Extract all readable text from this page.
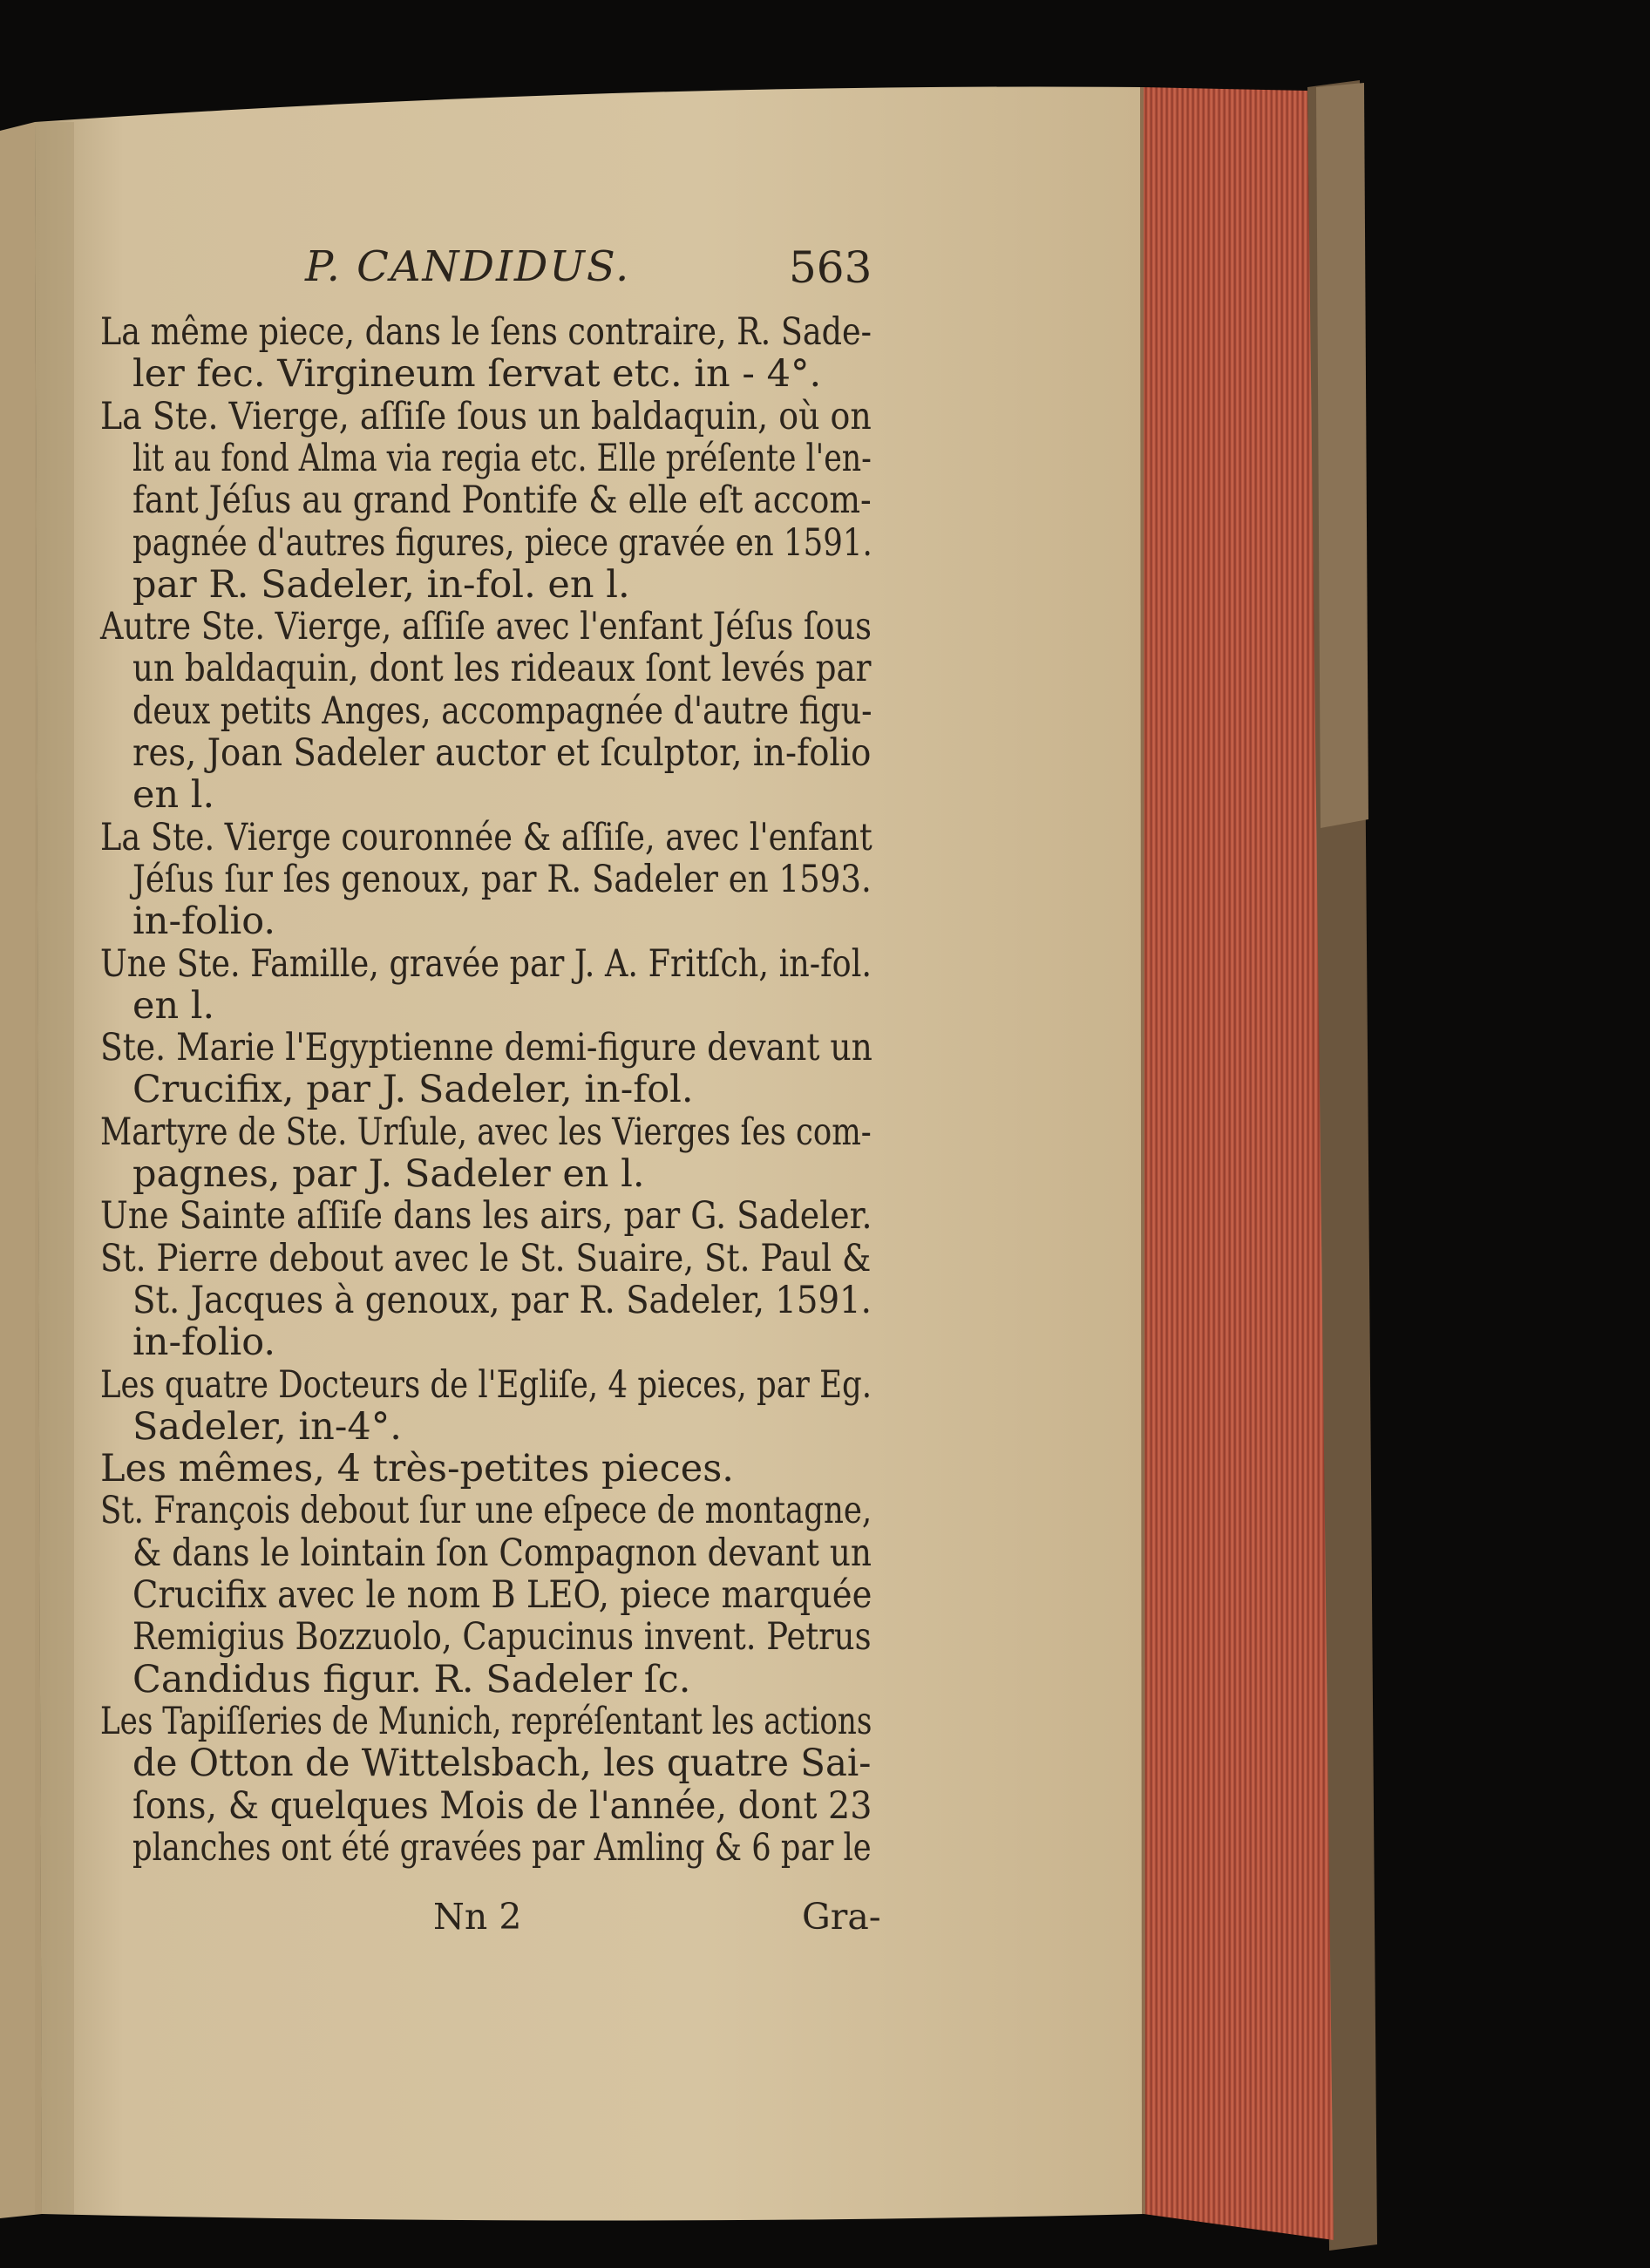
P. CANDIDUS.	563
La même piece, dans le ſens contraire, R. Sade-
ler fec. Virgineum ſervat etc. in - 4°.
La Ste. Vierge, aſſiſe ſous un baldaquin, où on
lit au fond Alma via regia etc. Elle préſente l'en-
fant Jéſus au grand Pontife & elle eſt accom-
pagnée d'autres figures, piece gravée en 1591.
par R. Sadeler, in-fol. en l.
Autre Ste. Vierge, aſſiſe avec l'enfant Jéſus ſous
un baldaquin, dont les rideaux ſont levés par
deux petits Anges, accompagnée d'autre figu-
res, Joan Sadeler auctor et ſculptor, in-folio
en l.
La Ste. Vierge couronnée & aſſiſe, avec l'enfant
Jéſus ſur ſes genoux, par R. Sadeler en 1593.
in-folio.
Une Ste. Famille, gravée par J. A. Fritſch, in-fol.
en l.
Ste. Marie l'Egyptienne demi-figure devant un
Crucifix, par J. Sadeler, in-fol.
Martyre de Ste. Urſule, avec les Vierges ſes com-
pagnes, par J. Sadeler en l.
Une Sainte aſſiſe dans les airs, par G. Sadeler.
St. Pierre debout avec le St. Suaire, St. Paul &
St. Jacques à genoux, par R. Sadeler, 1591.
in-folio.
Les quatre Docteurs de l'Egliſe, 4 pieces, par Eg.
Sadeler, in-4°.
Les mêmes, 4 très-petites pieces.
St. François debout ſur une eſpece de montagne,
& dans le lointain ſon Compagnon devant un
Crucifix avec le nom B LEO, piece marquée
Remigius Bozzuolo, Capucinus invent. Petrus
Candidus figur. R. Sadeler ſc.
Les Tapiſſeries de Munich, repréſentant les actions
de Otton de Wittelsbach, les quatre Sai-
ſons, & quelques Mois de l'année, dont 23
planches ont été gravées par Amling & 6 par le
Nn 2	Gra-
